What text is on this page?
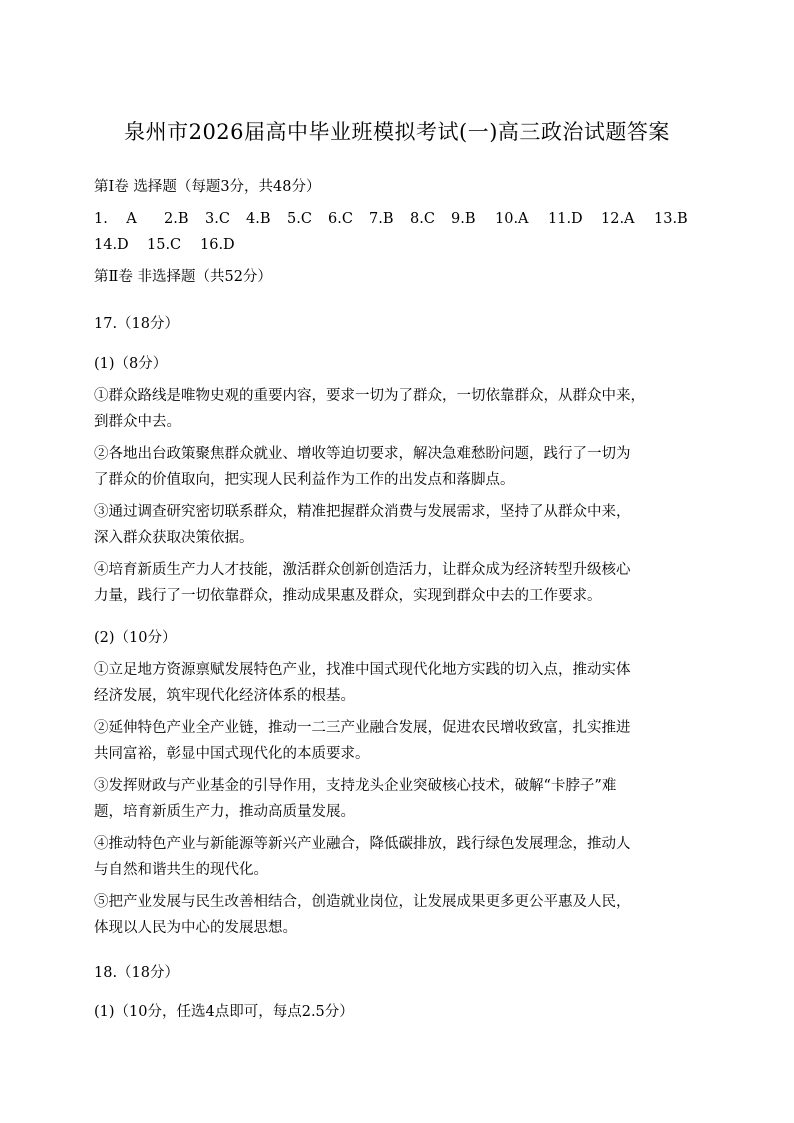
泉州市2026届高中毕业班模拟考试(一)高三政治试题答案
第Ⅰ卷 选择题（每题3分，共48分）
1.    A	2.B	3.C	4.B	5.C	6.C	7.B	8.C	9.B	10.A	11.D	12.A	13.B
14.D	15.C	16.D
第Ⅱ卷 非选择题（共52分）
17.（18分）
(1)（8分）
①群众路线是唯物史观的重要内容，要求一切为了群众，一切依靠群众，从群众中来，
到群众中去。
②各地出台政策聚焦群众就业、增收等迫切要求，解决急难愁盼问题，践行了一切为
了群众的价值取向，把实现人民利益作为工作的出发点和落脚点。
③通过调查研究密切联系群众，精准把握群众消费与发展需求，坚持了从群众中来，
深入群众获取决策依据。
④培育新质生产力人才技能，激活群众创新创造活力，让群众成为经济转型升级核心
力量，践行了一切依靠群众，推动成果惠及群众，实现到群众中去的工作要求。
(2)（10分）
①立足地方资源禀赋发展特色产业，找准中国式现代化地方实践的切入点，推动实体
经济发展，筑牢现代化经济体系的根基。
②延伸特色产业全产业链，推动一二三产业融合发展，促进农民增收致富，扎实推进
共同富裕，彰显中国式现代化的本质要求。
③发挥财政与产业基金的引导作用，支持龙头企业突破核心技术，破解“卡脖子”难
题，培育新质生产力，推动高质量发展。
④推动特色产业与新能源等新兴产业融合，降低碳排放，践行绿色发展理念，推动人
与自然和谐共生的现代化。
⑤把产业发展与民生改善相结合，创造就业岗位，让发展成果更多更公平惠及人民，
体现以人民为中心的发展思想。
18.（18分）
(1)（10分，任选4点即可，每点2.5分）
